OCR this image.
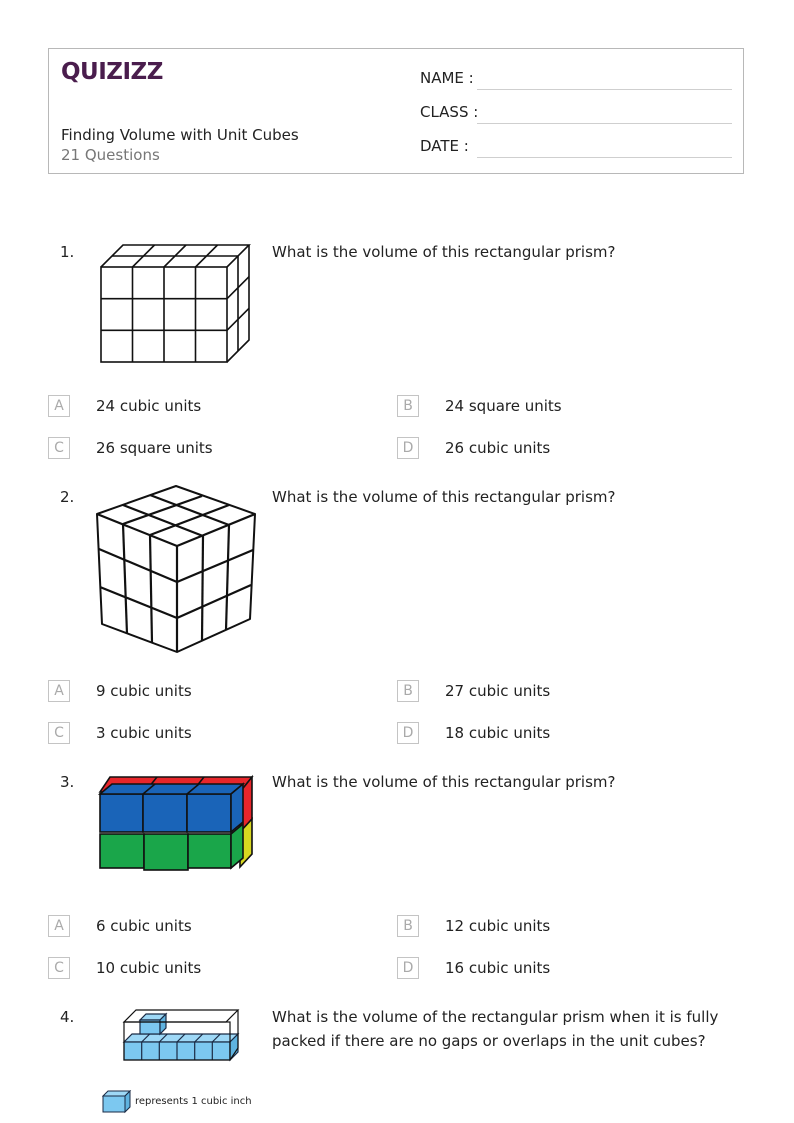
QUIZIZZ
Finding Volume with Unit Cubes
21 Questions
NAME :
CLASS :
DATE :
1.	What is the volume of this rectangular prism?
A	24 cubic units	B	24 square units
C	26 square units	D	26 cubic units
2.	What is the volume of this rectangular prism?
A	9 cubic units	B	27 cubic units
C	3 cubic units	D	18 cubic units
3.	What is the volume of this rectangular prism?
A	6 cubic units	B	12 cubic units
C	10 cubic units	D	16 cubic units
4.	What is the volume of the rectangular prism when it is fully packed if there are no gaps or overlaps in the unit cubes?
represents 1 cubic inch
